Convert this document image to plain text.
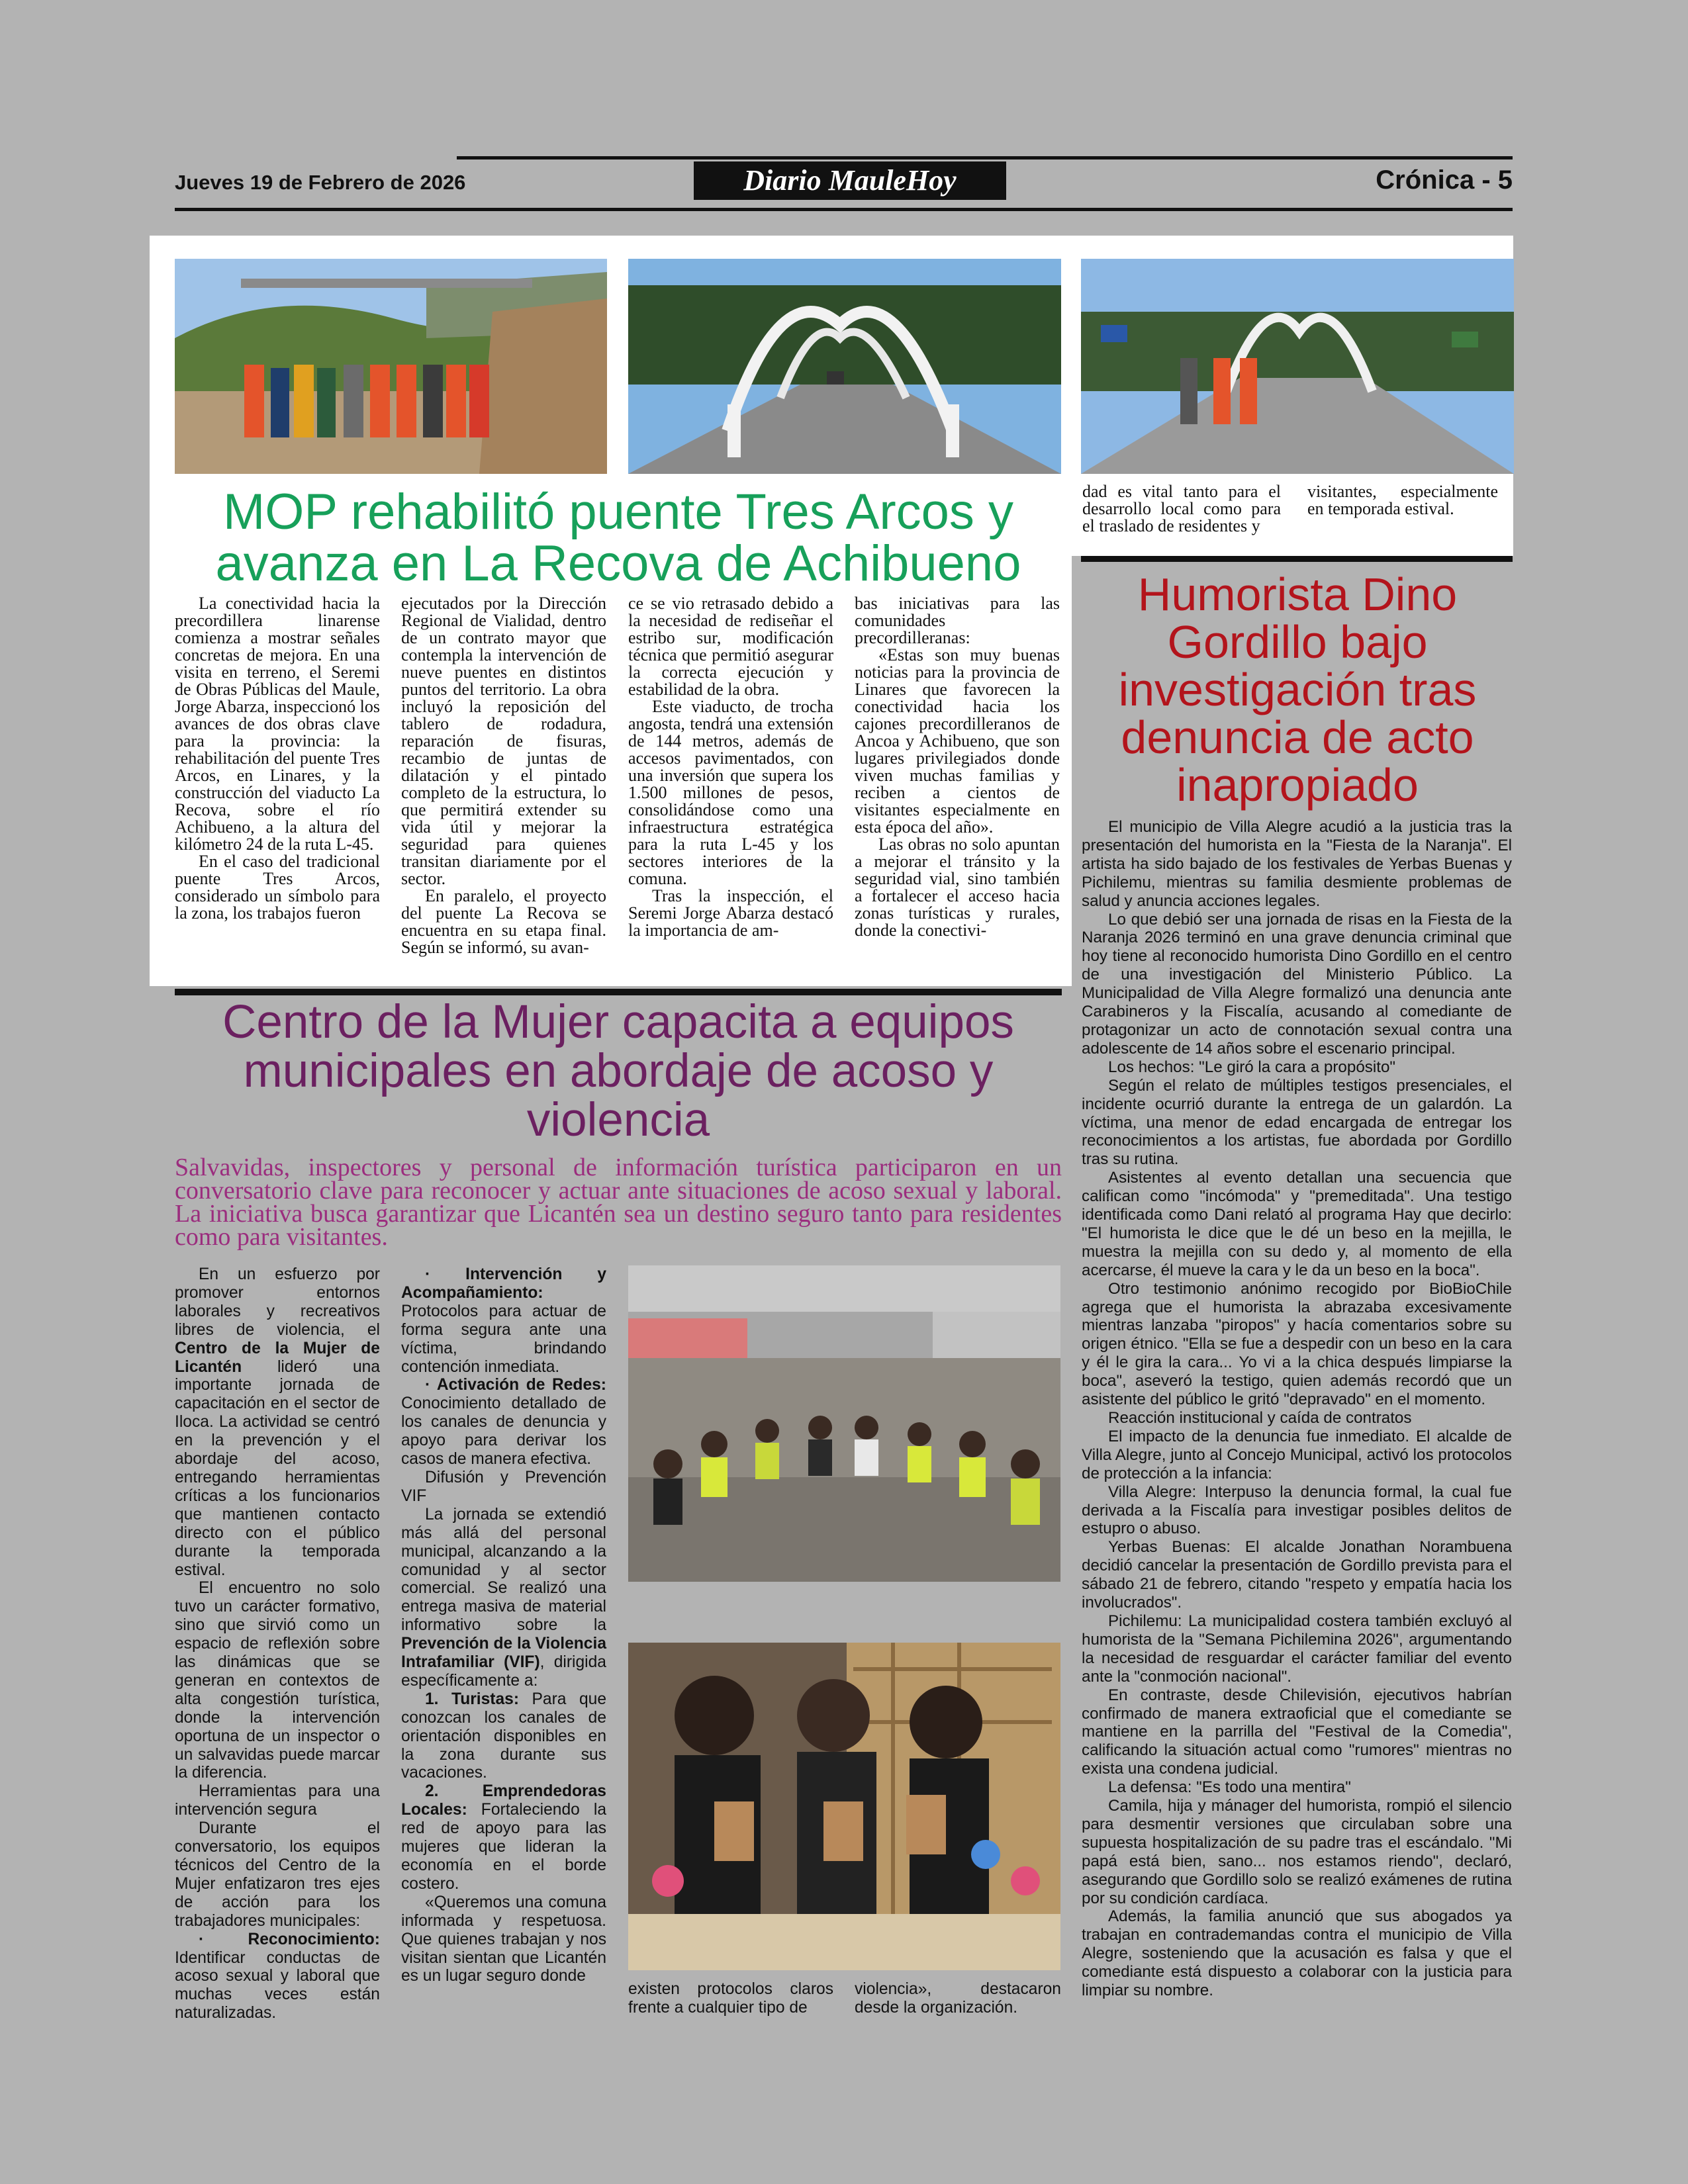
Jueves 19 de Febrero de 2026	Diario MauleHoy	Crónica - 5
MOP rehabilitó puente Tres Arcos y avanza en La Recova de Achibueno

La conectividad hacia la precordillera linarense comienza a mostrar señales concretas de mejora. En una visita en terreno, el Seremi de Obras Públicas del Maule, Jorge Abarza, inspeccionó los avances de dos obras clave para la provincia: la rehabilitación del puente Tres Arcos, en Linares, y la construcción del viaducto La Recova, sobre el río Achibueno, a la altura del kilómetro 24 de la ruta L-45.

En el caso del tradicional puente Tres Arcos, considerado un símbolo para la zona, los trabajos fueron

ejecutados por la Dirección Regional de Vialidad, dentro de un contrato mayor que contempla la intervención de nueve puentes en distintos puntos del territorio. La obra incluyó la reposición del tablero de rodadura, reparación de fisuras, recambio de juntas de dilatación y el pintado completo de la estructura, lo que permitirá extender su vida útil y mejorar la seguridad para quienes transitan diariamente por el sector.

En paralelo, el proyecto del puente La Recova se encuentra en su etapa final. Según se informó, su avan-

ce se vio retrasado debido a la necesidad de rediseñar el estribo sur, modificación técnica que permitió asegurar la correcta ejecución y estabilidad de la obra.

Este viaducto, de trocha angosta, tendrá una extensión de 144 metros, además de accesos pavimentados, con una inversión que supera los 1.500 millones de pesos, consolidándose como una infraestructura estratégica para la ruta L-45 y los sectores interiores de la comuna.

Tras la inspección, el Seremi Jorge Abarza destacó la importancia de am-

bas iniciativas para las comunidades precordilleranas:

«Estas son muy buenas noticias para la provincia de Linares que favorecen la conectividad hacia los cajones precordilleranos de Ancoa y Achibueno, que son lugares privilegiados donde viven muchas familias y reciben a cientos de visitantes especialmente en esta época del año».

Las obras no solo apuntan a mejorar el tránsito y la seguridad vial, sino también a fortalecer el acceso hacia zonas turísticas y rurales, donde la conectivi-

dad es vital tanto para el desarrollo local como para el traslado de residentes y
visitantes, especialmente en temporada estival.
Humorista Dino Gordillo bajo investigación tras denuncia de acto inapropiado

El municipio de Villa Alegre acudió a la justicia tras la presentación del humorista en la "Fiesta de la Naranja". El artista ha sido bajado de los festivales de Yerbas Buenas y Pichilemu, mientras su familia desmiente problemas de salud y anuncia acciones legales.

Lo que debió ser una jornada de risas en la Fiesta de la Naranja 2026 terminó en una grave denuncia criminal que hoy tiene al reconocido humorista Dino Gordillo en el centro de una investigación del Ministerio Público. La Municipalidad de Villa Alegre formalizó una denuncia ante Carabineros y la Fiscalía, acusando al comediante de protagonizar un acto de connotación sexual contra una adolescente de 14 años sobre el escenario principal.

Los hechos: "Le giró la cara a propósito"

Según el relato de múltiples testigos presenciales, el incidente ocurrió durante la entrega de un galardón. La víctima, una menor de edad encargada de entregar los reconocimientos a los artistas, fue abordada por Gordillo tras su rutina.

Asistentes al evento detallan una secuencia que califican como "incómoda" y "premeditada". Una testigo identificada como Dani relató al programa Hay que decirlo: "El humorista le dice que le dé un beso en la mejilla, le muestra la mejilla con su dedo y, al momento de ella acercarse, él mueve la cara y le da un beso en la boca".

Otro testimonio anónimo recogido por BioBioChile agrega que el humorista la abrazaba excesivamente mientras lanzaba "piropos" y hacía comentarios sobre su origen étnico. "Ella se fue a despedir con un beso en la cara y él le gira la cara... Yo vi a la chica después limpiarse la boca", aseveró la testigo, quien además recordó que un asistente del público le gritó "depravado" en el momento.

Reacción institucional y caída de contratos

El impacto de la denuncia fue inmediato. El alcalde de Villa Alegre, junto al Concejo Municipal, activó los protocolos de protección a la infancia:

Villa Alegre: Interpuso la denuncia formal, la cual fue derivada a la Fiscalía para investigar posibles delitos de estupro o abuso.

Yerbas Buenas: El alcalde Jonathan Norambuena decidió cancelar la presentación de Gordillo prevista para el sábado 21 de febrero, citando "respeto y empatía hacia los involucrados".

Pichilemu: La municipalidad costera también excluyó al humorista de la "Semana Pichilemina 2026", argumentando la necesidad de resguardar el carácter familiar del evento ante la "conmoción nacional".

En contraste, desde Chilevisión, ejecutivos habrían confirmado de manera extraoficial que el comediante se mantiene en la parrilla del "Festival de la Comedia", calificando la situación actual como "rumores" mientras no exista una condena judicial.

La defensa: "Es todo una mentira"

Camila, hija y mánager del humorista, rompió el silencio para desmentir versiones que circulaban sobre una supuesta hospitalización de su padre tras el escándalo. "Mi papá está bien, sano... nos estamos riendo", declaró, asegurando que Gordillo solo se realizó exámenes de rutina por su condición cardíaca.

Además, la familia anunció que sus abogados ya trabajan en contrademandas contra el municipio de Villa Alegre, sosteniendo que la acusación es falsa y que el comediante está dispuesto a colaborar con la justicia para limpiar su nombre.

Centro de la Mujer capacita a equipos municipales en abordaje de acoso y violencia
Salvavidas, inspectores y personal de información turística participaron en un conversatorio clave para reconocer y actuar ante situaciones de acoso sexual y laboral. La iniciativa busca garantizar que Licantén sea un destino seguro tanto para residentes como para visitantes.

En un esfuerzo por promover entornos laborales y recreativos libres de violencia, el Centro de la Mujer de Licantén lideró una importante jornada de capacitación en el sector de Iloca. La actividad se centró en la prevención y el abordaje del acoso, entregando herramientas críticas a los funcionarios que mantienen contacto directo con el público durante la temporada estival.

El encuentro no solo tuvo un carácter formativo, sino que sirvió como un espacio de reflexión sobre las dinámicas que se generan en contextos de alta congestión turística, donde la intervención oportuna de un inspector o un salvavidas puede marcar la diferencia.

Herramientas para una intervención segura

Durante el conversatorio, los equipos técnicos del Centro de la Mujer enfatizaron tres ejes de acción para los trabajadores municipales:

· Reconocimiento: Identificar conductas de acoso sexual y laboral que muchas veces están naturalizadas.

· Intervención y Acompañamiento: Protocolos para actuar de forma segura ante una víctima, brindando contención inmediata.

· Activación de Redes: Conocimiento detallado de los canales de denuncia y apoyo para derivar los casos de manera efectiva.

Difusión y Prevención VIF

La jornada se extendió más allá del personal municipal, alcanzando a la comunidad y al sector comercial. Se realizó una entrega masiva de material informativo sobre la Prevención de la Violencia Intrafamiliar (VIF), dirigida específicamente a:

1. Turistas: Para que conozcan los canales de orientación disponibles en la zona durante sus vacaciones.

2. Emprendedoras Locales: Fortaleciendo la red de apoyo para las mujeres que lideran la economía en el borde costero.

«Queremos una comuna informada y respetuosa. Que quienes trabajan y nos visitan sientan que Licantén es un lugar seguro donde

existen protocolos claros frente a cualquier tipo de
violencia», destacaron desde la organización.
